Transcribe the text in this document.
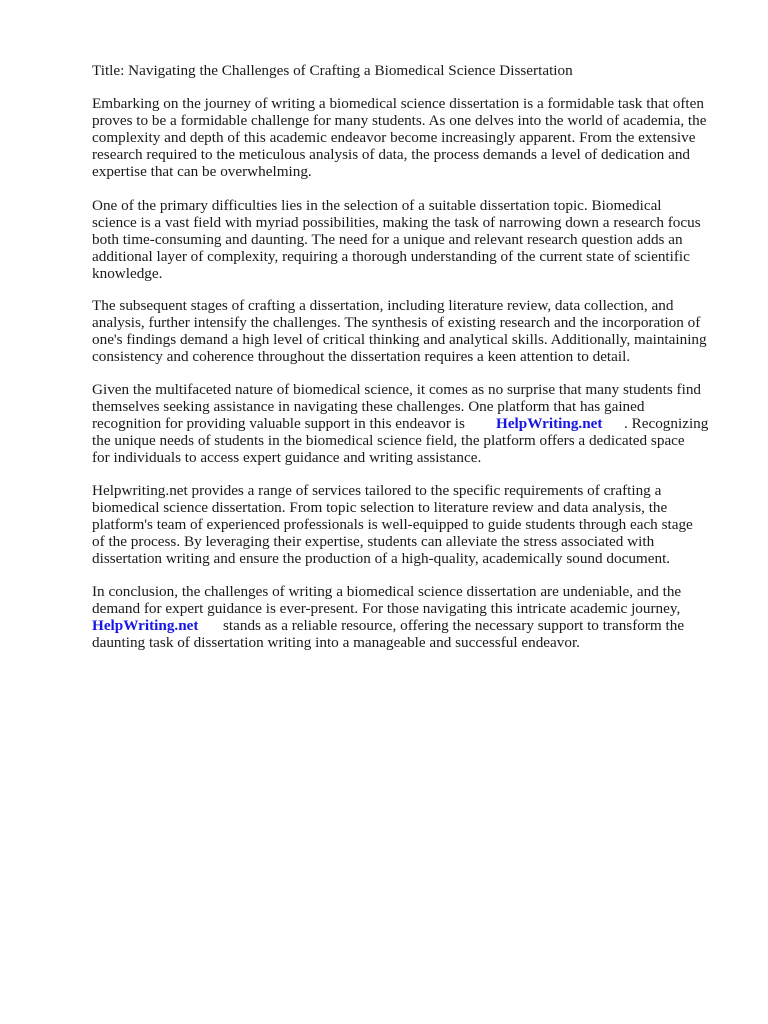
Title: Navigating the Challenges of Crafting a Biomedical Science Dissertation
Embarking on the journey of writing a biomedical science dissertation is a formidable task that often
proves to be a formidable challenge for many students. As one delves into the world of academia, the
complexity and depth of this academic endeavor become increasingly apparent. From the extensive
research required to the meticulous analysis of data, the process demands a level of dedication and
expertise that can be overwhelming.
One of the primary difficulties lies in the selection of a suitable dissertation topic. Biomedical
science is a vast field with myriad possibilities, making the task of narrowing down a research focus
both time-consuming and daunting. The need for a unique and relevant research question adds an
additional layer of complexity, requiring a thorough understanding of the current state of scientific
knowledge.
The subsequent stages of crafting a dissertation, including literature review, data collection, and
analysis, further intensify the challenges. The synthesis of existing research and the incorporation of
one's findings demand a high level of critical thinking and analytical skills. Additionally, maintaining
consistency and coherence throughout the dissertation requires a keen attention to detail.
Given the multifaceted nature of biomedical science, it comes as no surprise that many students find
themselves seeking assistance in navigating these challenges. One platform that has gained
recognition for providing valuable support in this endeavor is HelpWriting.net . Recognizing
the unique needs of students in the biomedical science field, the platform offers a dedicated space
for individuals to access expert guidance and writing assistance.
Helpwriting.net provides a range of services tailored to the specific requirements of crafting a
biomedical science dissertation. From topic selection to literature review and data analysis, the
platform's team of experienced professionals is well-equipped to guide students through each stage
of the process. By leveraging their expertise, students can alleviate the stress associated with
dissertation writing and ensure the production of a high-quality, academically sound document.
In conclusion, the challenges of writing a biomedical science dissertation are undeniable, and the
demand for expert guidance is ever-present. For those navigating this intricate academic journey,
HelpWriting.net stands as a reliable resource, offering the necessary support to transform the
daunting task of dissertation writing into a manageable and successful endeavor.
